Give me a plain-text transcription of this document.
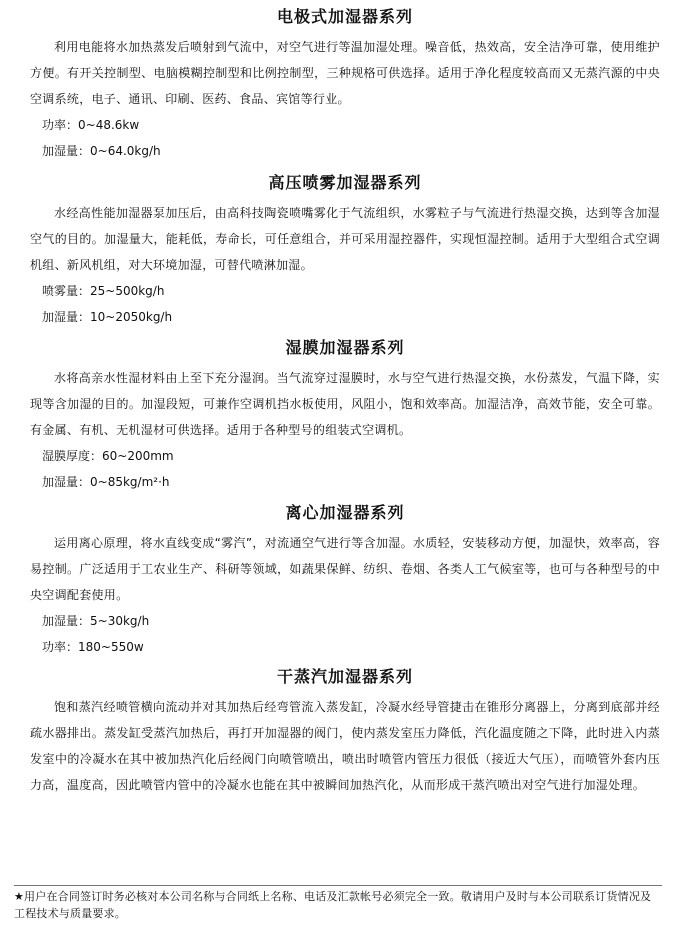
电极式加湿器系列

利用电能将水加热蒸发后喷射到气流中，对空气进行等温加湿处理。噪音低，热效高，安全洁净可靠，使用维护方便。有开关控制型、电脑模糊控制型和比例控制型，三种规格可供选择。适用于净化程度较高而又无蒸汽源的中央空调系统，电子、通讯、印刷、医药、食品、宾馆等行业。

功率：0~48.6kw

加湿量：0~64.0kg/h

高压喷雾加湿器系列

水经高性能加湿器泵加压后，由高科技陶瓷喷嘴雾化于气流组织，水雾粒子与气流进行热湿交换，达到等含加湿空气的目的。加湿量大，能耗低，寿命长，可任意组合，并可采用湿控器件，实现恒湿控制。适用于大型组合式空调机组、新风机组，对大环境加湿，可替代喷淋加湿。

喷雾量：25~500kg/h

加湿量：10~2050kg/h

湿膜加湿器系列

水将高亲水性湿材料由上至下充分湿润。当气流穿过湿膜时，水与空气进行热湿交换，水份蒸发，气温下降，实现等含加湿的目的。加湿段短，可兼作空调机挡水板使用，风阻小，饱和效率高。加湿洁净，高效节能，安全可靠。有金属、有机、无机湿材可供选择。适用于各种型号的组装式空调机。

湿膜厚度：60~200mm

加湿量：0~85kg/m²·h

离心加湿器系列

运用离心原理，将水直线变成“雾汽”，对流通空气进行等含加湿。水质轻，安装移动方便，加湿快，效率高，容易控制。广泛适用于工农业生产、科研等领域，如蔬果保鲜、纺织、卷烟、各类人工气候室等，也可与各种型号的中央空调配套使用。

加湿量：5~30kg/h

功率：180~550w

干蒸汽加湿器系列

饱和蒸汽经喷管横向流动并对其加热后经弯管流入蒸发缸，冷凝水经导管捷击在锥形分离器上，分离到底部并经疏水器排出。蒸发缸受蒸汽加热后，再打开加湿器的阀门，使内蒸发室压力降低，汽化温度随之下降，此时进入内蒸发室中的冷凝水在其中被加热汽化后经阀门向喷管喷出，喷出时喷管内管压力很低（接近大气压），而喷管外套内压力高，温度高，因此喷管内管中的冷凝水也能在其中被瞬间加热汽化，从而形成干蒸汽喷出对空气进行加湿处理。

★用户在合同签订时务必核对本公司名称与合同纸上名称、电话及汇款帐号必须完全一致。敬请用户及时与本公司联系订货情况及工程技术与质量要求。
